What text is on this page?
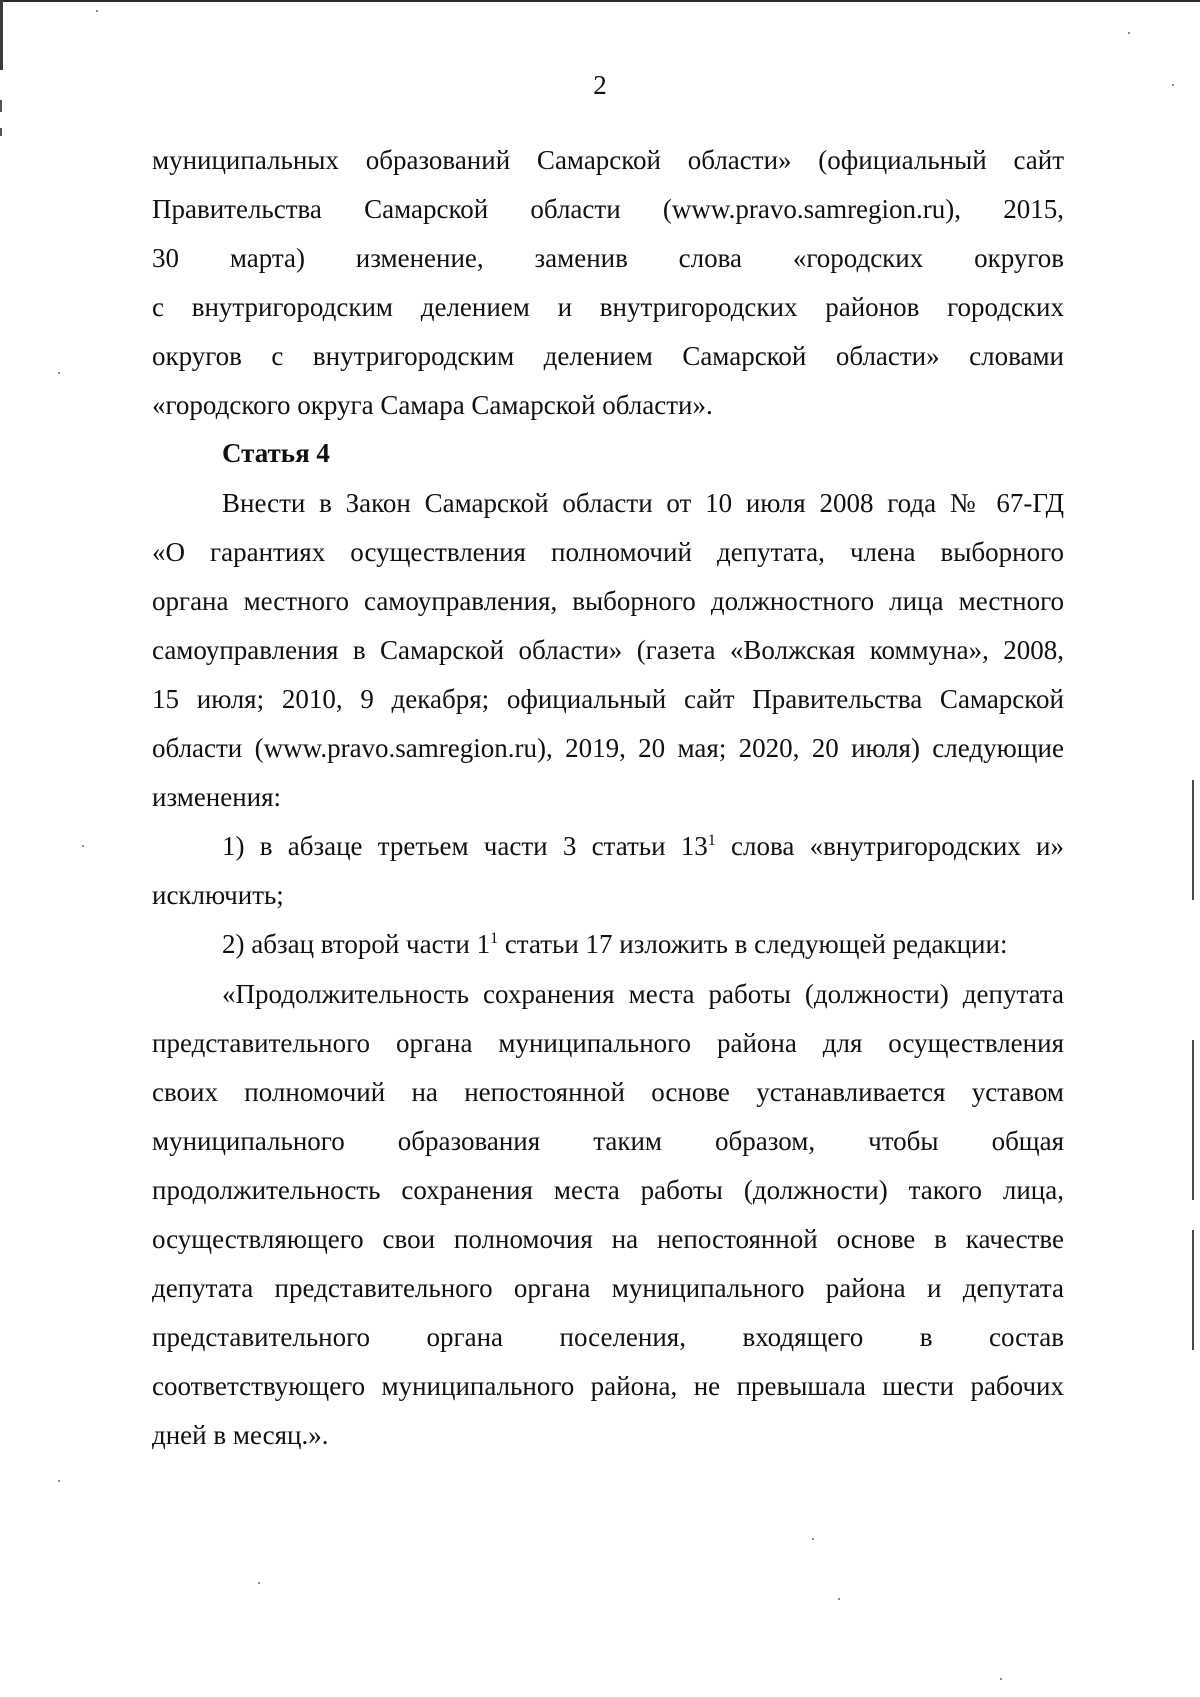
2
муниципальных образований Самарской области» (официальный сайт
Правительства Самарской области (www.pravo.samregion.ru), 2015,
30 марта) изменение, заменив слова «городских округов
с внутригородским делением и внутригородских районов городских
округов с внутригородским делением Самарской области» словами
«городского округа Самара Самарской области».
Статья 4
Внести в Закон Самарской области от 10 июля 2008 года № 67-ГД
«О гарантиях осуществления полномочий депутата, члена выборного
органа местного самоуправления, выборного должностного лица местного
самоуправления в Самарской области» (газета «Волжская коммуна», 2008,
15 июля; 2010, 9 декабря; официальный сайт Правительства Самарской
области (www.pravo.samregion.ru), 2019, 20 мая; 2020, 20 июля) следующие
изменения:
1) в абзаце третьем части 3 статьи $13^1$ слова «внутригородских и»
исключить;
2) абзац второй части $1^1$ статьи 17 изложить в следующей редакции:
«Продолжительность сохранения места работы (должности) депутата
представительного органа муниципального района для осуществления
своих полномочий на непостоянной основе устанавливается уставом
муниципального образования таким образом, чтобы общая
продолжительность сохранения места работы (должности) такого лица,
осуществляющего свои полномочия на непостоянной основе в качестве
депутата представительного органа муниципального района и депутата
представительного органа поселения, входящего в состав
соответствующего муниципального района, не превышала шести рабочих
дней в месяц.».
